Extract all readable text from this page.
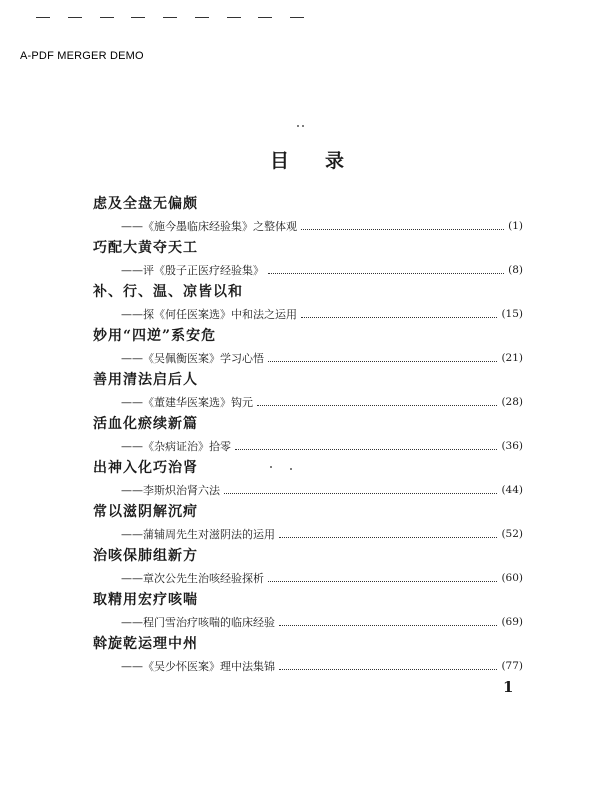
A-PDF MERGER DEMO
目 录
虑及全盘无偏颇
——《施今墨临床经验集》之整体观	(1)
巧配大黄夺天工
——评《殷子正医疗经验集》	(8)
补、行、温、凉皆以和
——探《何任医案选》中和法之运用	(15)
妙用“四逆”系安危
——《吴佩衡医案》学习心悟	(21)
善用清法启后人
——《董建华医案选》钩元	(28)
活血化瘀续新篇
——《杂病证治》拾零	(36)
出神入化巧治肾
——李斯炽治肾六法	(44)
常以滋阴解沉疴
——蒲辅周先生对滋阴法的运用	(52)
治咳保肺组新方
——章次公先生治咳经验探析	(60)
取精用宏疗咳喘
——程门雪治疗咳喘的临床经验	(69)
斡旋乾运理中州
——《吴少怀医案》理中法集锦	(77)
1
